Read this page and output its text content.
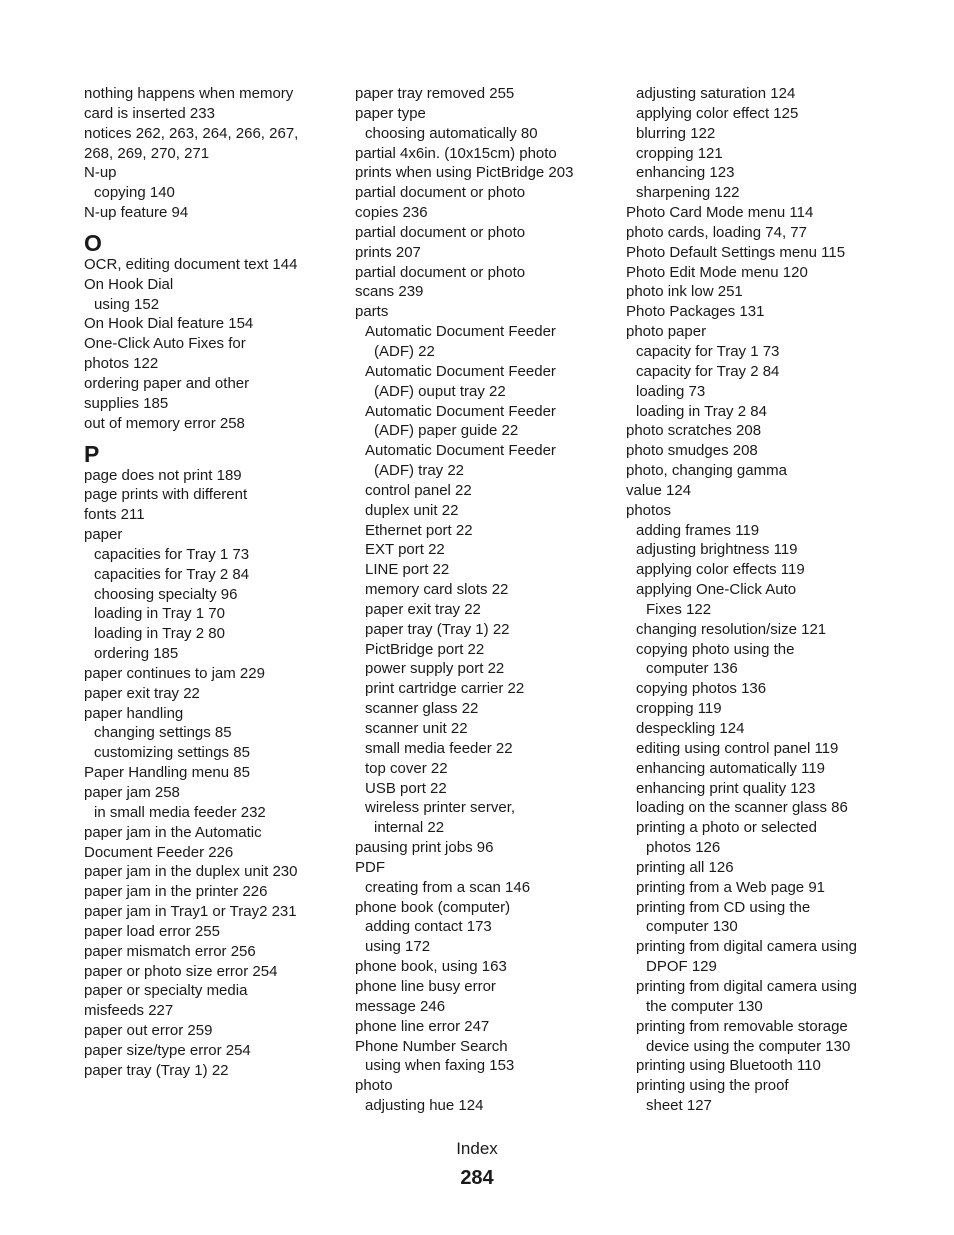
nothing happens when memory
card is inserted 233
notices 262, 263, 264, 266, 267,
268, 269, 270, 271
N-up
copying 140
N-up feature 94
O
OCR, editing document text 144
On Hook Dial
using 152
On Hook Dial feature 154
One-Click Auto Fixes for
photos 122
ordering paper and other
supplies 185
out of memory error 258
P
page does not print 189
page prints with different
fonts 211
paper
capacities for Tray 1 73
capacities for Tray 2 84
choosing specialty 96
loading in Tray 1 70
loading in Tray 2 80
ordering 185
paper continues to jam 229
paper exit tray 22
paper handling
changing settings 85
customizing settings 85
Paper Handling menu 85
paper jam 258
in small media feeder 232
paper jam in the Automatic
Document Feeder 226
paper jam in the duplex unit 230
paper jam in the printer 226
paper jam in Tray1 or Tray2 231
paper load error 255
paper mismatch error 256
paper or photo size error 254
paper or specialty media
misfeeds 227
paper out error 259
paper size/type error 254
paper tray (Tray 1) 22
paper tray removed 255
paper type
choosing automatically 80
partial 4x6in. (10x15cm) photo
prints when using PictBridge 203
partial document or photo
copies 236
partial document or photo
prints 207
partial document or photo
scans 239
parts
Automatic Document Feeder
(ADF) 22
Automatic Document Feeder
(ADF) ouput tray 22
Automatic Document Feeder
(ADF) paper guide 22
Automatic Document Feeder
(ADF) tray 22
control panel 22
duplex unit 22
Ethernet port 22
EXT port 22
LINE port 22
memory card slots 22
paper exit tray 22
paper tray (Tray 1) 22
PictBridge port 22
power supply port 22
print cartridge carrier 22
scanner glass 22
scanner unit 22
small media feeder 22
top cover 22
USB port 22
wireless printer server,
internal 22
pausing print jobs 96
PDF
creating from a scan 146
phone book (computer)
adding contact 173
using 172
phone book, using 163
phone line busy error
message 246
phone line error 247
Phone Number Search
using when faxing 153
photo
adjusting hue 124
adjusting saturation 124
applying color effect 125
blurring 122
cropping 121
enhancing 123
sharpening 122
Photo Card Mode menu 114
photo cards, loading 74, 77
Photo Default Settings menu 115
Photo Edit Mode menu 120
photo ink low 251
Photo Packages 131
photo paper
capacity for Tray 1 73
capacity for Tray 2 84
loading 73
loading in Tray 2 84
photo scratches 208
photo smudges 208
photo, changing gamma
value 124
photos
adding frames 119
adjusting brightness 119
applying color effects 119
applying One-Click Auto
Fixes 122
changing resolution/size 121
copying photo using the
computer 136
copying photos 136
cropping 119
despeckling 124
editing using control panel 119
enhancing automatically 119
enhancing print quality 123
loading on the scanner glass 86
printing a photo or selected
photos 126
printing all 126
printing from a Web page 91
printing from CD using the
computer 130
printing from digital camera using
DPOF 129
printing from digital camera using
the computer 130
printing from removable storage
device using the computer 130
printing using Bluetooth 110
printing using the proof
sheet 127
Index
284
